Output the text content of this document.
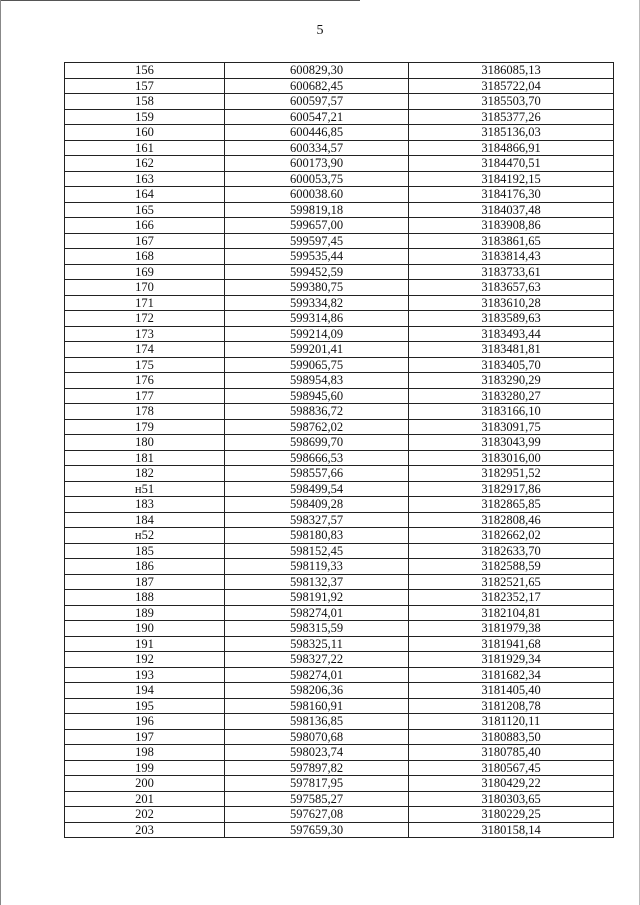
5
156	600829,30	3186085,13
157	600682,45	3185722,04
158	600597,57	3185503,70
159	600547,21	3185377,26
160	600446,85	3185136,03
161	600334,57	3184866,91
162	600173,90	3184470,51
163	600053,75	3184192,15
164	600038.60	3184176,30
165	599819,18	3184037,48
166	599657,00	3183908,86
167	599597,45	3183861,65
168	599535,44	3183814,43
169	599452,59	3183733,61
170	599380,75	3183657,63
171	599334,82	3183610,28
172	599314,86	3183589,63
173	599214,09	3183493,44
174	599201,41	3183481,81
175	599065,75	3183405,70
176	598954,83	3183290,29
177	598945,60	3183280,27
178	598836,72	3183166,10
179	598762,02	3183091,75
180	598699,70	3183043,99
181	598666,53	3183016,00
182	598557,66	3182951,52
н51	598499,54	3182917,86
183	598409,28	3182865,85
184	598327,57	3182808,46
н52	598180,83	3182662,02
185	598152,45	3182633,70
186	598119,33	3182588,59
187	598132,37	3182521,65
188	598191,92	3182352,17
189	598274,01	3182104,81
190	598315,59	3181979,38
191	598325,11	3181941,68
192	598327,22	3181929,34
193	598274,01	3181682,34
194	598206,36	3181405,40
195	598160,91	3181208,78
196	598136,85	3181120,11
197	598070,68	3180883,50
198	598023,74	3180785,40
199	597897,82	3180567,45
200	597817,95	3180429,22
201	597585,27	3180303,65
202	597627,08	3180229,25
203	597659,30	3180158,14
